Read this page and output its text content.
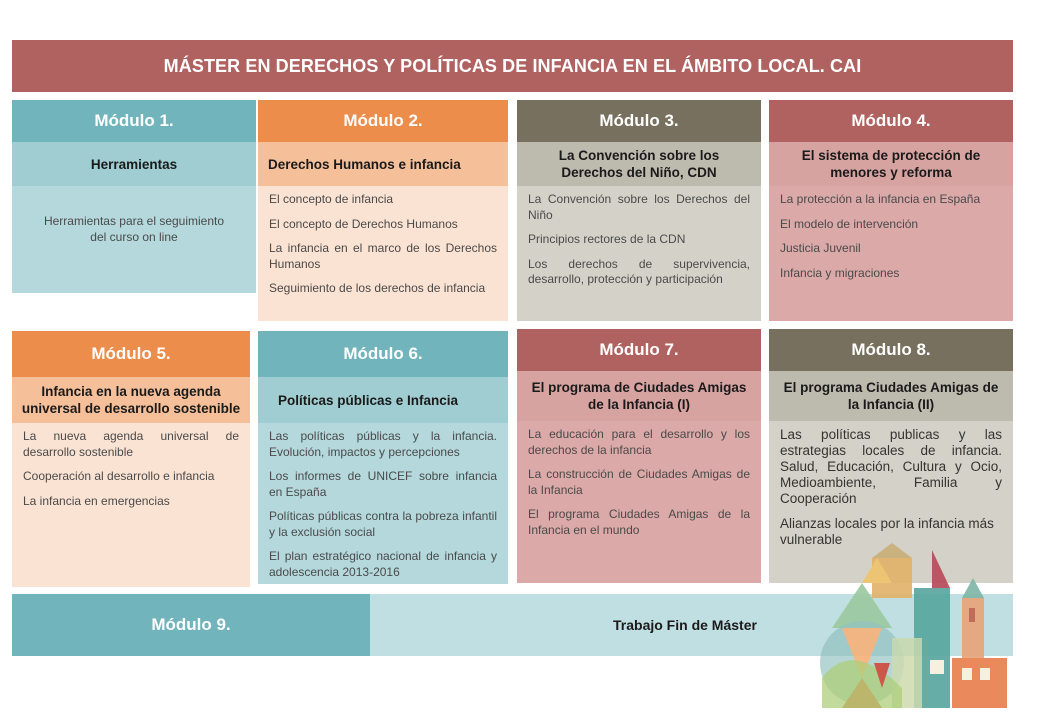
MÁSTER EN DERECHOS Y POLÍTICAS DE INFANCIA EN EL ÁMBITO LOCAL. CAI
Módulo 1.
Herramientas

Herramientas para el seguimiento del curso on line

Módulo 2.
Derechos Humanos e infancia

El concepto de infancia

El concepto de Derechos Humanos

La infancia en el marco de los Derechos Humanos

Seguimiento de los derechos de infancia

Módulo 3.
La Convención sobre los Derechos del Niño, CDN

La Convención sobre los Derechos del Niño

Principios rectores de la CDN

Los derechos de supervivencia, desarrollo, protección y participación

Módulo 4.
El sistema de protección de menores y reforma

La protección a la infancia en España

El modelo de intervención

Justicia Juvenil

Infancia y migraciones

Módulo 5.
Infancia en la nueva agenda universal de desarrollo sostenible

La nueva agenda universal de desarrollo sostenible

Cooperación al desarrollo e infancia

La infancia en emergencias

Módulo 6.
Políticas públicas e Infancia

Las políticas públicas y la infancia. Evolución, impactos y percepciones

Los informes de UNICEF sobre infancia en España

Políticas públicas contra la pobreza infantil y la exclusión social

El plan estratégico nacional de infancia y adolescencia 2013-2016

Módulo 7.
El programa de Ciudades Amigas de la Infancia (I)

La educación para el desarrollo y los derechos de la infancia

La construcción de Ciudades Amigas de la Infancia

El programa Ciudades Amigas de la Infancia en el mundo

Módulo 8.
El programa Ciudades Amigas de la Infancia (II)

Las políticas publicas y las estrategias locales de infancia. Salud, Educación, Cultura y Ocio, Medioambiente, Familia y Cooperación

Alianzas locales por la infancia más vulnerable

Módulo 9.	Trabajo Fin de Máster
